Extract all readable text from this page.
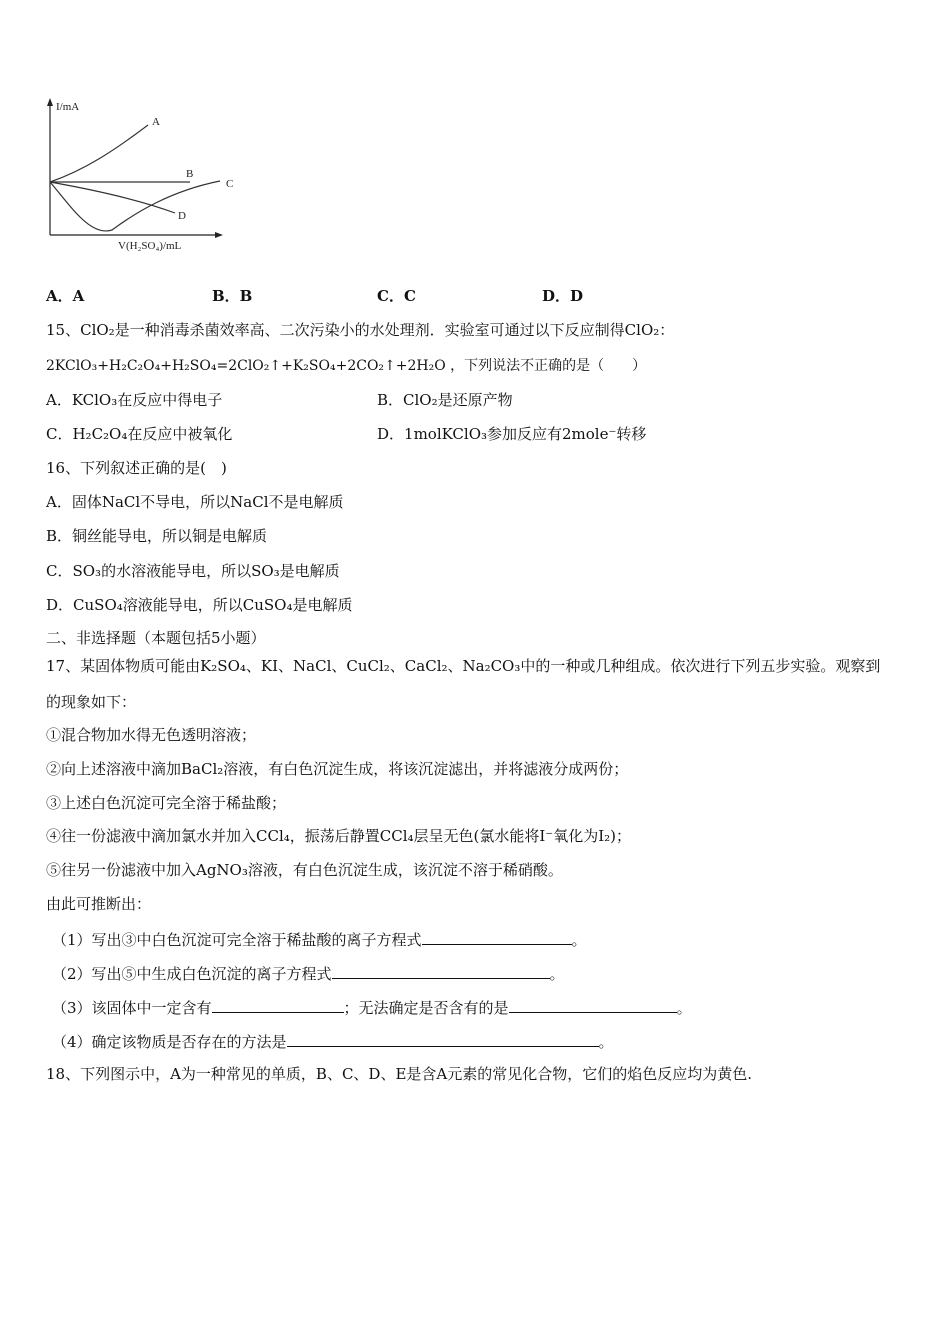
I/mA
V(H₂SO₄)/mL
A
B
C
D
A．A	B．B	C．C	D．D
15、ClO₂是一种消毒杀菌效率高、二次污染小的水处理剂．实验室可通过以下反应制得ClO₂：
2KClO₃+H₂C₂O₄+H₂SO₄=2ClO₂↑+K₂SO₄+2CO₂↑+2H₂O ，下列说法不正确的是（　　）
A．KClO₃在反应中得电子	B．ClO₂是还原产物
C．H₂C₂O₄在反应中被氧化	D．1molKClO₃参加反应有2mole⁻转移
16、下列叙述正确的是(　)
A．固体NaCl不导电，所以NaCl不是电解质
B．铜丝能导电，所以铜是电解质
C．SO₃的水溶液能导电，所以SO₃是电解质
D．CuSO₄溶液能导电，所以CuSO₄是电解质
二、非选择题（本题包括5小题）
17、某固体物质可能由K₂SO₄、KI、NaCl、CuCl₂、CaCl₂、Na₂CO₃中的一种或几种组成。依次进行下列五步实验。观察到
的现象如下：
①混合物加水得无色透明溶液；
②向上述溶液中滴加BaCl₂溶液，有白色沉淀生成，将该沉淀滤出，并将滤液分成两份；
③上述白色沉淀可完全溶于稀盐酸；
④往一份滤液中滴加氯水并加入CCl₄，振荡后静置CCl₄层呈无色(氯水能将I⁻氧化为I₂)；
⑤往另一份滤液中加入AgNO₃溶液，有白色沉淀生成，该沉淀不溶于稀硝酸。
由此可推断出：
（1）写出③中白色沉淀可完全溶于稀盐酸的离子方程式	。
（2）写出⑤中生成白色沉淀的离子方程式	。
（3）该固体中一定含有	；无法确定是否含有的是	。
（4）确定该物质是否存在的方法是	。
18、下列图示中，A为一种常见的单质，B、C、D、E是含A元素的常见化合物，它们的焰色反应均为黄色.
